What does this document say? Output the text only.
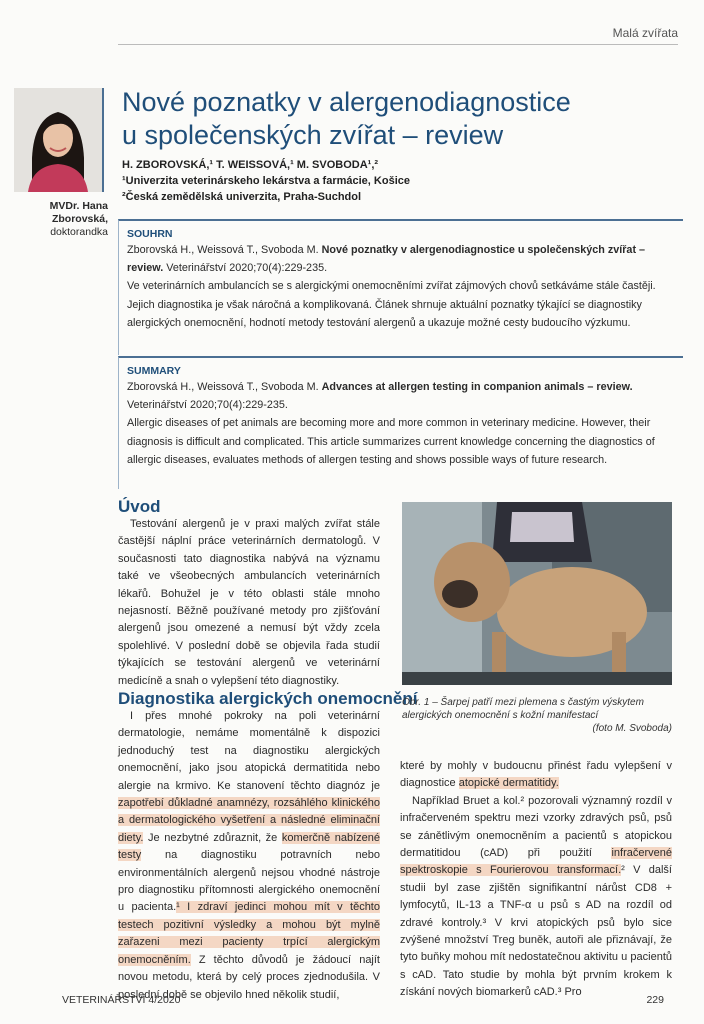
Malá zvířata
MVDr. Hana Zborovská,
doktorandka
Nové poznatky v alergenodiagnostice
u společenských zvířat – review
H. ZBOROVSKÁ,¹ T. WEISSOVÁ,¹ M. SVOBODA¹,²
¹Univerzita veterinárskeho lekárstva a farmácie, Košice
²Česká zemědělská univerzita, Praha-Suchdol
SOUHRN
Zborovská H., Weissová T., Svoboda M. Nové poznatky v alergenodiagnostice u společenských zvířat – review. Veterinářství 2020;70(4):229-235.
Ve veterinárních ambulancích se s alergickými onemocněními zvířat zájmových chovů setkáváme stále častěji. Jejich diagnostika je však náročná a komplikovaná. Článek shrnuje aktuální poznatky týkající se diagnostiky alergických onemocnění, hodnotí metody testování alergenů a ukazuje možné cesty budoucího výzkumu.
SUMMARY
Zborovská H., Weissová T., Svoboda M. Advances at allergen testing in companion animals – review. Veterinářství 2020;70(4):229-235.
Allergic diseases of pet animals are becoming more and more common in veterinary medicine. However, their diagnosis is difficult and complicated. This article summarizes current knowledge concerning the diagnostics of allergic diseases, evaluates methods of allergen testing and shows possible ways of future research.
Úvod

Testování alergenů je v praxi malých zvířat stále častější náplní práce veterinárních dermatologů. V současnosti tato diagnostika nabývá na významu také ve všeobecných ambulancích veterinárních lékařů. Bohužel je v této oblasti stále mnoho nejasností. Běžně používané metody pro zjišťování alergenů jsou omezené a nemusí být vždy zcela spolehlivé. V poslední době se objevila řada studií týkajících se testování alergenů ve veterinární medicíně a snah o vylepšení této diagnostiky.

Diagnostika alergických onemocnění

I přes mnohé pokroky na poli veterinární dermatologie, nemáme momentálně k dispozici jednoduchý test na diagnostiku alergických onemocnění, jako jsou atopická dermatitida nebo alergie na krmivo. Ke stanovení těchto diagnóz je zapotřebí důkladné anamnézy, rozsáhlého klinického a dermatologického vyšetření a následné eliminační diety. Je nezbytné zdůraznit, že komerčně nabízené testy na diagnostiku potravních nebo environmentálních alergenů nejsou vhodné nástroje pro diagnostiku přítomnosti alergického onemocnění u pacienta.¹ I zdraví jedinci mohou mít v těchto testech pozitivní výsledky a mohou být mylně zařazeni mezi pacienty trpící alergickým onemocněním. Z těchto důvodů je žádoucí najít novou metodu, která by celý proces zjednodušila. V poslední době se objevilo hned několik studií,

Obr. 1 – Šarpej patří mezi plemena s častým výskytem alergických onemocnění s kožní manifestací
(foto M. Svoboda)

které by mohly v budoucnu přinést řadu vylepšení v diagnostice atopické dermatitidy.

Například Bruet a kol.² pozorovali významný rozdíl v infračerveném spektru mezi vzorky zdravých psů, psů se zánětlivým onemocněním a pacientů s atopickou dermatitidou (cAD) při použití infračervené spektroskopie s Fourierovou transformací.² V další studii byl zase zjištěn signifikantní nárůst CD8 + lymfocytů, IL-13 a TNF-α u psů s AD na rozdíl od zdravé kontroly.³ V krvi atopických psů bylo sice zvýšené množství Treg buněk, autoři ale přiznávají, že tyto buňky mohou mít nedostatečnou aktivitu u pacientů s cAD. Tato studie by mohla být prvním krokem k získání nových biomarkerů cAD.³ Pro

VETERINÁŘSTVÍ 4/2020	229
